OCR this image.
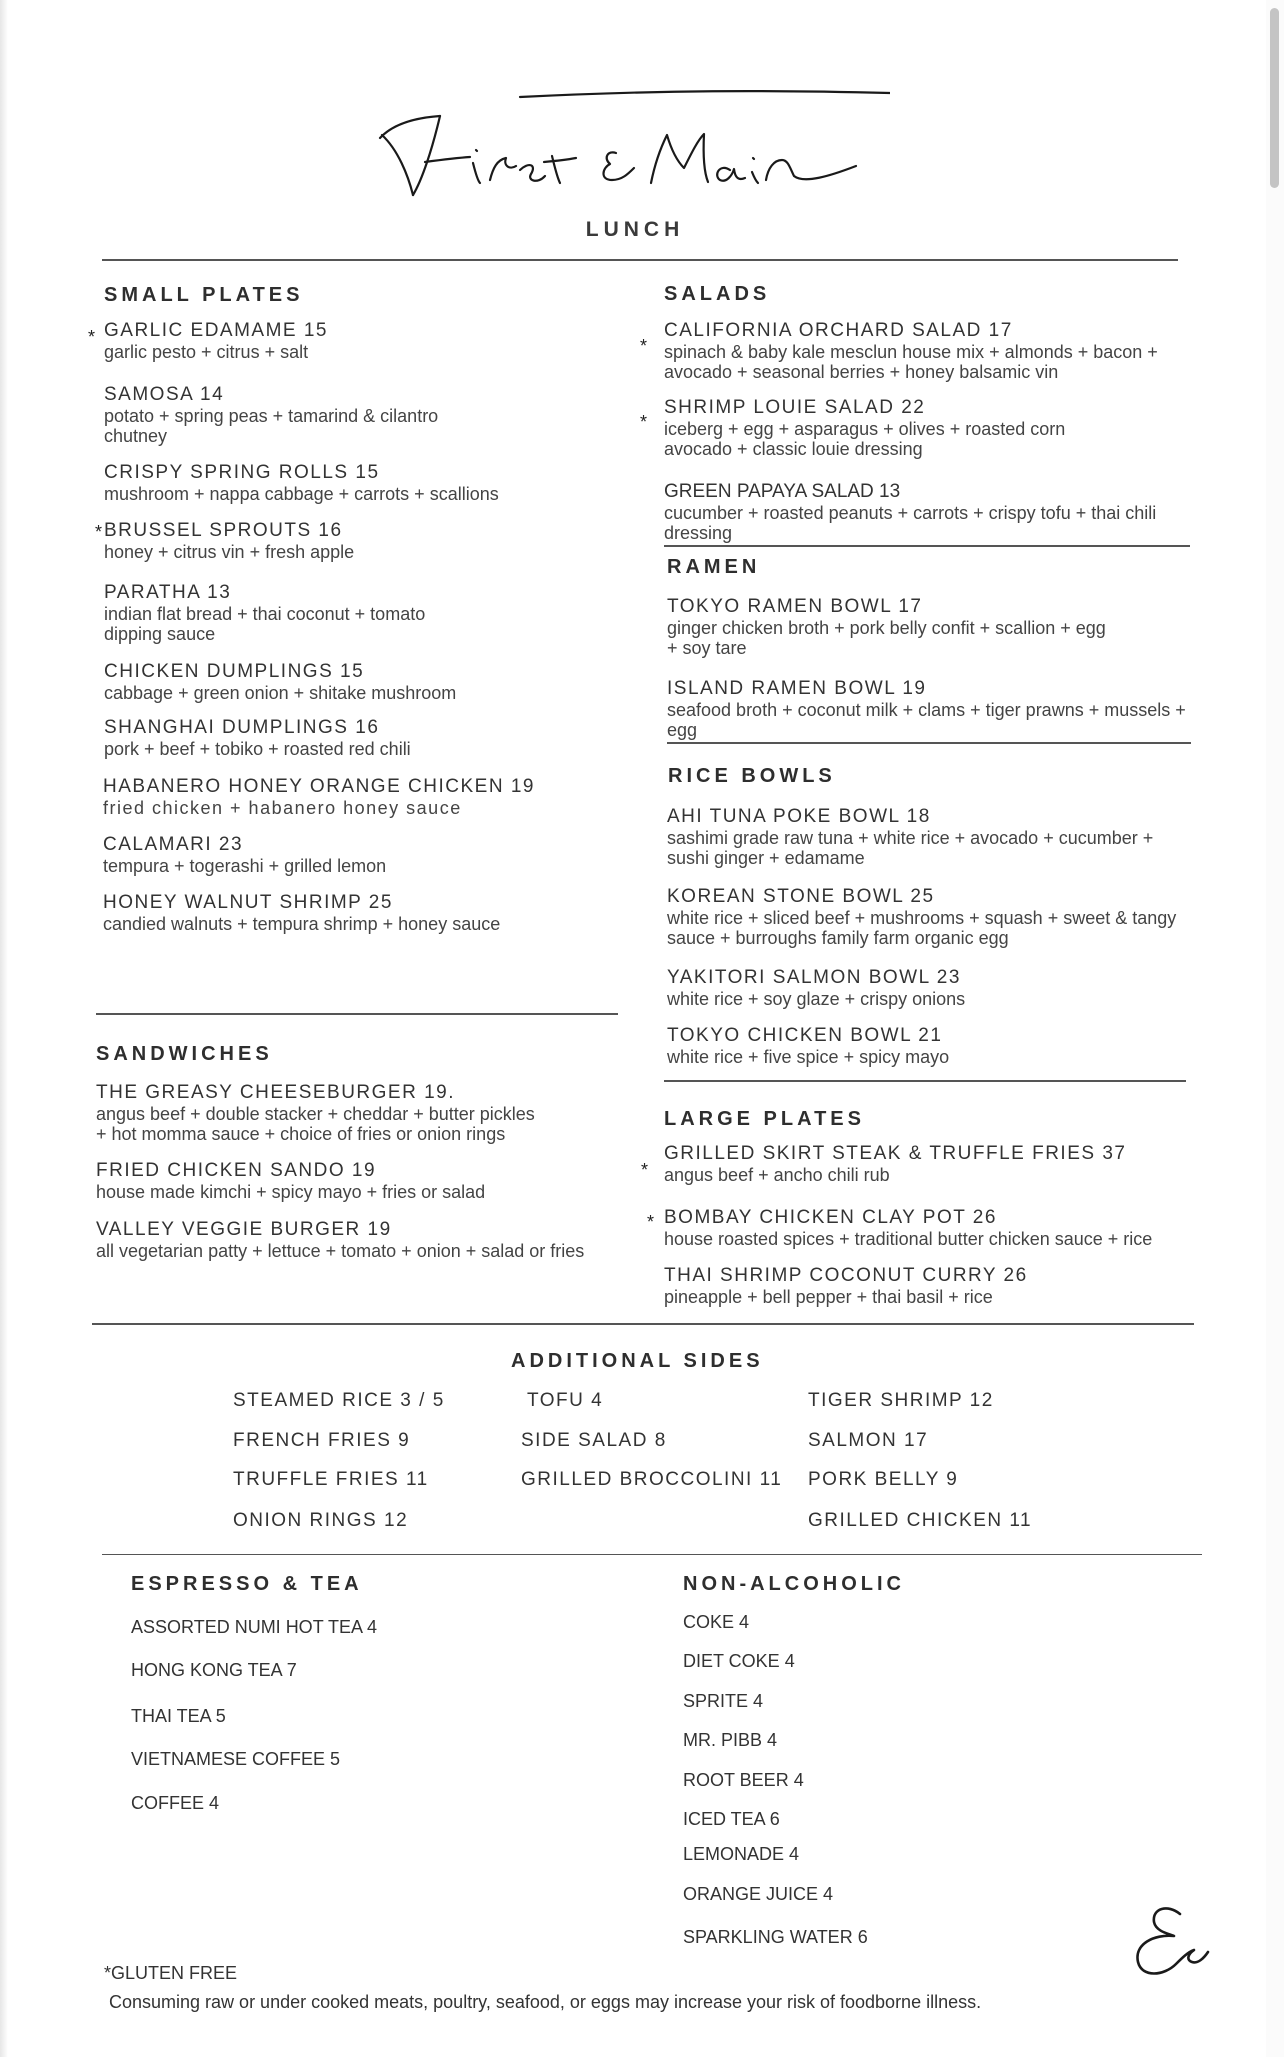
LUNCH
SMALL PLATES
* GARLIC EDAMAME 15
garlic pesto + citrus + salt
SAMOSA 14
potato + spring peas + tamarind & cilantro
chutney
CRISPY SPRING ROLLS 15
mushroom + nappa cabbage + carrots + scallions
* BRUSSEL SPROUTS 16
honey + citrus vin + fresh apple
PARATHA 13
indian flat bread + thai coconut + tomato
dipping sauce
CHICKEN DUMPLINGS 15
cabbage + green onion + shitake mushroom
SHANGHAI DUMPLINGS 16
pork + beef + tobiko + roasted red chili
HABANERO HONEY ORANGE CHICKEN 19
fried chicken + habanero honey sauce
CALAMARI 23
tempura + togerashi + grilled lemon
HONEY WALNUT SHRIMP 25
candied walnuts + tempura shrimp + honey sauce
SANDWICHES
THE GREASY CHEESEBURGER 19.
angus beef + double stacker + cheddar + butter pickles
+ hot momma sauce + choice of fries or onion rings
FRIED CHICKEN SANDO 19
house made kimchi + spicy mayo + fries or salad
VALLEY VEGGIE BURGER 19
all vegetarian patty + lettuce + tomato + onion + salad or fries
SALADS
*
CALIFORNIA ORCHARD SALAD 17
spinach & baby kale mesclun house mix + almonds + bacon +
avocado + seasonal berries + honey balsamic vin
*
SHRIMP LOUIE SALAD 22
iceberg + egg + asparagus + olives + roasted corn
avocado + classic louie dressing
GREEN PAPAYA SALAD 13
cucumber + roasted peanuts + carrots + crispy tofu + thai chili
dressing
RAMEN
TOKYO RAMEN BOWL 17
ginger chicken broth + pork belly confit + scallion + egg
+ soy tare
ISLAND RAMEN BOWL 19
seafood broth + coconut milk + clams + tiger prawns + mussels +
egg
RICE BOWLS
AHI TUNA POKE BOWL 18
sashimi grade raw tuna + white rice + avocado + cucumber +
sushi ginger + edamame
KOREAN STONE BOWL 25
white rice + sliced beef + mushrooms + squash + sweet & tangy
sauce + burroughs family farm organic egg
YAKITORI SALMON BOWL 23
white rice + soy glaze + crispy onions
TOKYO CHICKEN BOWL 21
white rice + five spice + spicy mayo
LARGE PLATES
*
GRILLED SKIRT STEAK & TRUFFLE FRIES 37
angus beef + ancho chili rub
* BOMBAY CHICKEN CLAY POT 26
house roasted spices + traditional butter chicken sauce + rice
THAI SHRIMP COCONUT CURRY 26
pineapple + bell pepper + thai basil + rice
ADDITIONAL SIDES
STEAMED RICE 3 / 5
FRENCH FRIES 9
TRUFFLE FRIES 11
ONION RINGS 12
TOFU 4
SIDE SALAD 8
GRILLED BROCCOLINI 11
TIGER SHRIMP 12
SALMON 17
PORK BELLY 9
GRILLED CHICKEN 11
ESPRESSO & TEA
ASSORTED NUMI HOT TEA 4
HONG KONG TEA 7
THAI TEA 5
VIETNAMESE COFFEE 5
COFFEE 4
NON-ALCOHOLIC
COKE 4
DIET COKE 4
SPRITE 4
MR. PIBB 4
ROOT BEER 4
ICED TEA 6
LEMONADE 4
ORANGE JUICE 4
SPARKLING WATER 6
*GLUTEN FREE
Consuming raw or under cooked meats, poultry, seafood, or eggs may increase your risk of foodborne illness.
